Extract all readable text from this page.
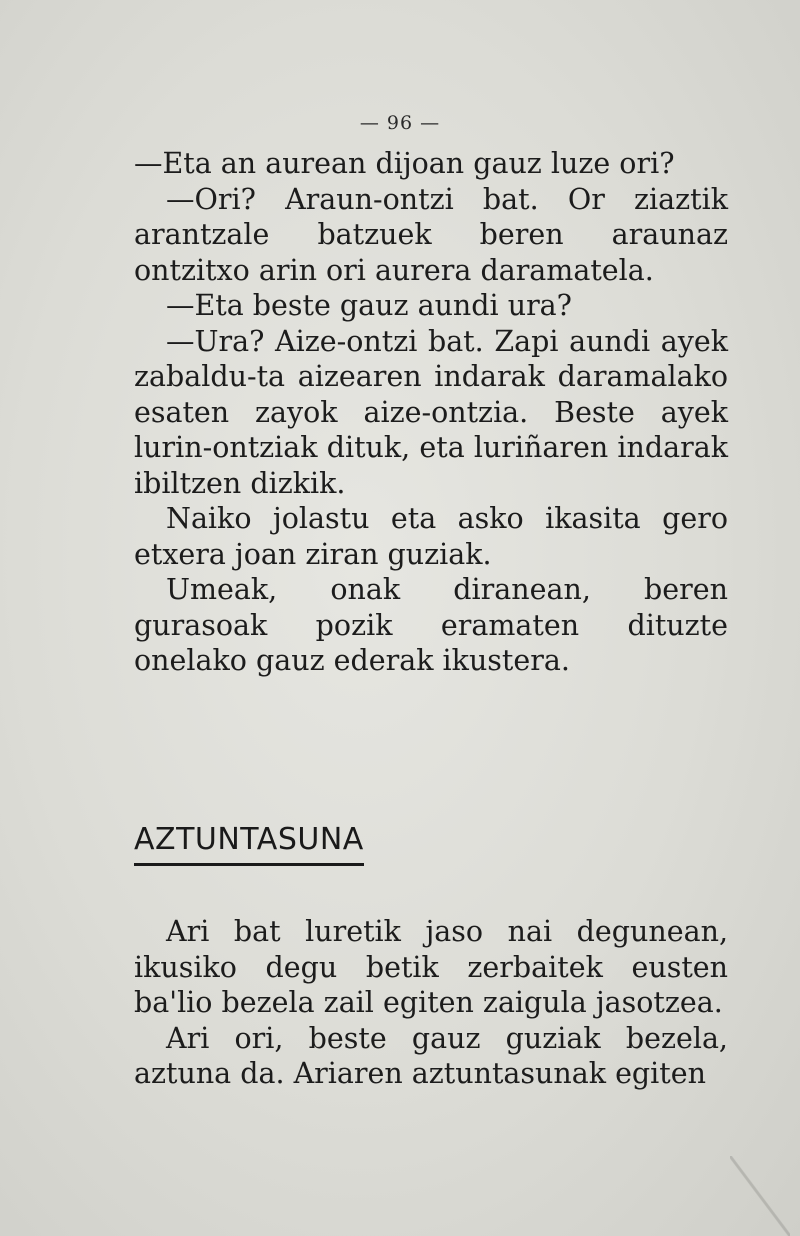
— 96 —

—Eta an aurean dijoan gauz luze ori?

—Ori? Araun-ontzi bat. Or ziaztik arantzale batzuek beren araunaz ontzitxo arin ori aurera daramatela.

—Eta beste gauz aundi ura?

—Ura? Aize-ontzi bat. Zapi aundi ayek zabaldu-ta aizearen indarak daramalako esaten zayok aize-ontzia. Beste ayek lurin-ontziak dituk, eta luriñaren indarak ibiltzen dizkik.

Naiko jolastu eta asko ikasita gero etxera joan ziran guziak.

Umeak, onak diranean, beren gurasoak pozik eramaten dituzte onelako gauz ederak ikustera.

AZTUNTASUNA

Ari bat luretik jaso nai degunean, ikusiko degu betik zerbaitek eusten ba'lio bezela zail egiten zaigula jasotzea.

Ari ori, beste gauz guziak bezela, aztuna da. Ariaren aztuntasunak egiten
